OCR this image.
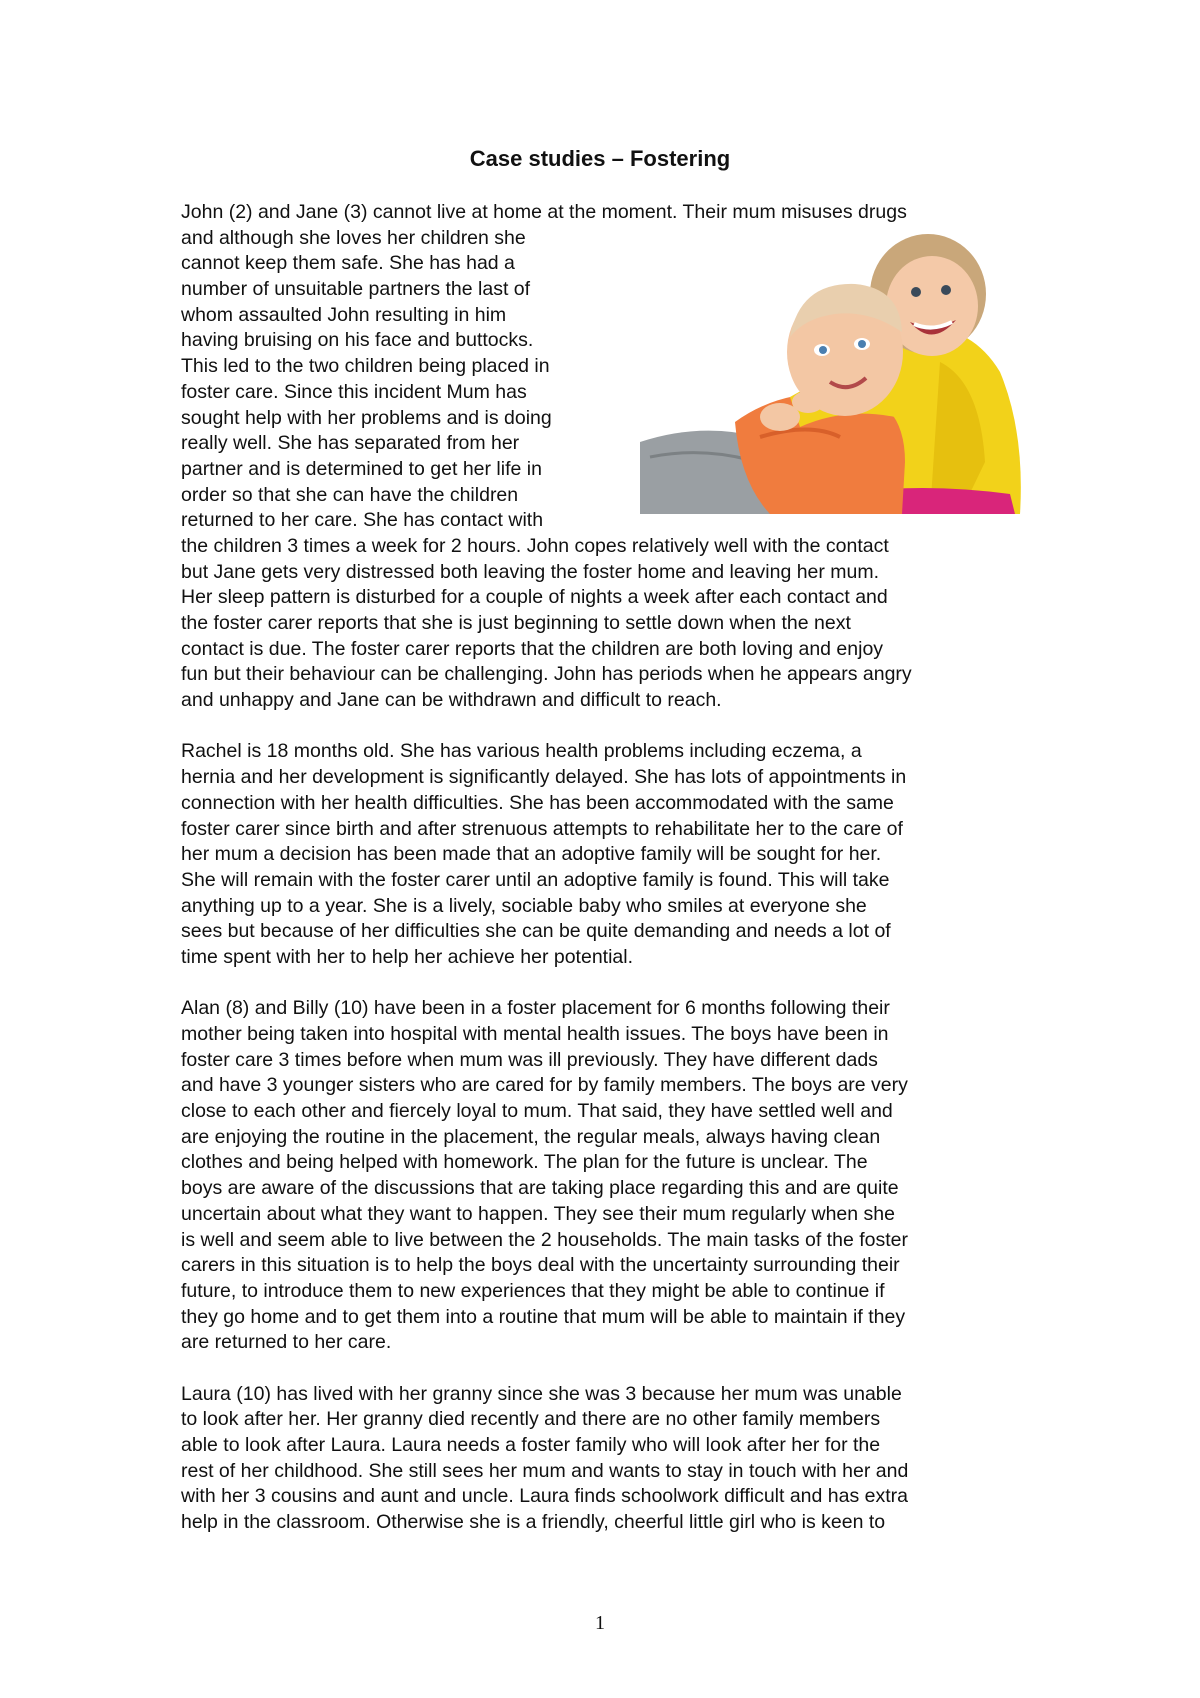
Case studies – Fostering
John (2) and Jane (3) cannot live at home at the moment. Their mum misuses drugs
and although she loves her children she
cannot keep them safe. She has had a
number of unsuitable partners the last of
whom assaulted John resulting in him
having bruising on his face and buttocks.
This led to the two children being placed in
foster care. Since this incident Mum has
sought help with her problems and is doing
really well. She has separated from her
partner and is determined to get her life in
order so that she can have the children
returned to her care. She has contact with
the children 3 times a week for 2 hours. John copes relatively well with the contact
but Jane gets very distressed both leaving the foster home and leaving her mum.
Her sleep pattern is disturbed for a couple of nights a week after each contact and
the foster carer reports that she is just beginning to settle down when the next
contact is due. The foster carer reports that the children are both loving and enjoy
fun but their behaviour can be challenging. John has periods when he appears angry
and unhappy and Jane can be withdrawn and difficult to reach.
Rachel is 18 months old. She has various health problems including eczema, a
hernia and her development is significantly delayed. She has lots of appointments in
connection with her health difficulties. She has been accommodated with the same
foster carer since birth and after strenuous attempts to rehabilitate her to the care of
her mum a decision has been made that an adoptive family will be sought for her.
She will remain with the foster carer until an adoptive family is found. This will take
anything up to a year. She is a lively, sociable baby who smiles at everyone she
sees but because of her difficulties she can be quite demanding and needs a lot of
time spent with her to help her achieve her potential.
Alan (8) and Billy (10) have been in a foster placement for 6 months following their
mother being taken into hospital with mental health issues. The boys have been in
foster care 3 times before when mum was ill previously. They have different dads
and have 3 younger sisters who are cared for by family members. The boys are very
close to each other and fiercely loyal to mum. That said, they have settled well and
are enjoying the routine in the placement, the regular meals, always having clean
clothes and being helped with homework. The plan for the future is unclear. The
boys are aware of the discussions that are taking place regarding this and are quite
uncertain about what they want to happen. They see their mum regularly when she
is well and seem able to live between the 2 households. The main tasks of the foster
carers in this situation is to help the boys deal with the uncertainty surrounding their
future, to introduce them to new experiences that they might be able to continue if
they go home and to get them into a routine that mum will be able to maintain if they
are returned to her care.
Laura (10) has lived with her granny since she was 3 because her mum was unable
to look after her. Her granny died recently and there are no other family members
able to look after Laura. Laura needs a foster family who will look after her for the
rest of her childhood. She still sees her mum and wants to stay in touch with her and
with her 3 cousins and aunt and uncle. Laura finds schoolwork difficult and has extra
help in the classroom. Otherwise she is a friendly, cheerful little girl who is keen to
1
